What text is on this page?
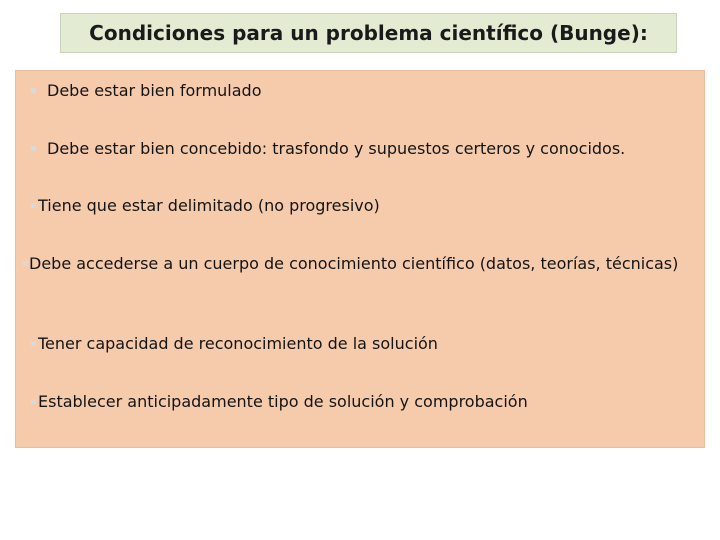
Condiciones para un problema científico (Bunge):
Debe estar bien formulado
Debe estar bien concebido: trasfondo y supuestos certeros y conocidos.
Tiene que estar delimitado (no progresivo)
Debe accederse a un cuerpo de conocimiento científico (datos, teorías, técnicas)
Tener capacidad de reconocimiento de la solución
Establecer anticipadamente tipo de solución y comprobación
